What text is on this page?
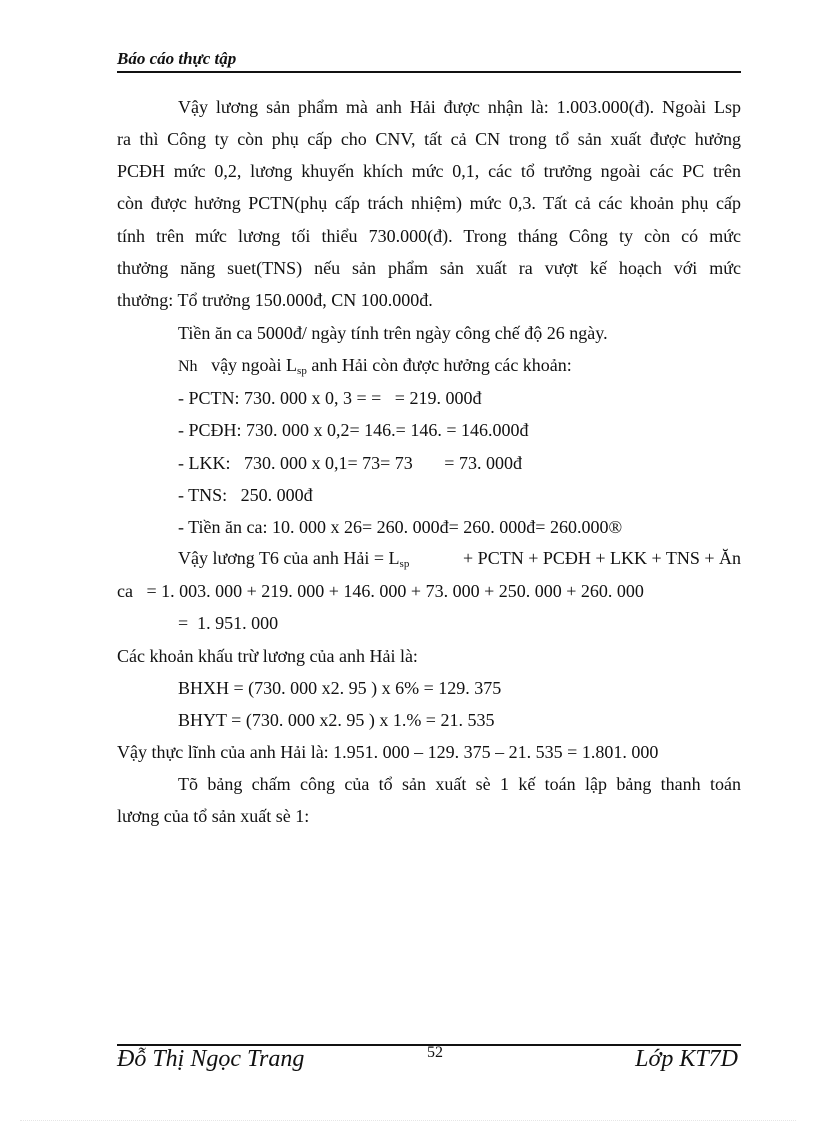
Báo cáo thực tập
Vậy lương sản phẩm mà anh Hải được nhận là: 1.003.000(đ). Ngoài Lsp
ra thì Công ty còn phụ cấp cho CNV, tất cả CN trong tổ sản xuất được hưởng
PCĐH mức 0,2, lương khuyến khích mức 0,1, các tổ trưởng ngoài các PC trên
còn được hưởng PCTN(phụ cấp trách nhiệm) mức 0,3. Tất cả các khoản phụ cấp
tính trên mức lương tối thiểu 730.000(đ). Trong tháng Công ty còn có mức
thưởng năng suet(TNS) nếu sản phẩm sản xuất ra vượt kế hoạch với mức
thưởng: Tổ trưởng 150.000đ, CN 100.000đ.
Tiền ăn ca 5000đ/ ngày tính trên ngày công chế độ 26 ngày.
Nh vậy ngoài $L_{sp}$ anh Hải còn được hưởng các khoản:
- PCTN: 730. 000 x 0, 3 = =   = 219. 000đ
- PCĐH: 730. 000 x 0,2= 146.= 146. = 146.000đ
- LKK:   730. 000 x 0,1= 73= 73       = 73. 000đ
- TNS:   250. 000đ
- Tiền ăn ca: 10. 000 x 26= 260. 000đ= 260. 000đ= 260.000®
Vậy lương T6 của anh Hải = $L_{sp}$	+ PCTN + PCĐH + LKK + TNS + Ăn
ca   = 1. 003. 000 + 219. 000 + 146. 000 + 73. 000 + 250. 000 + 260. 000
=  1. 951. 000
Các khoản khấu trừ lương của anh Hải là:
BHXH = (730. 000 x2. 95 ) x 6% = 129. 375
BHYT = (730. 000 x2. 95 ) x 1.% = 21. 535
Vậy thực lĩnh của anh Hải là: 1.951. 000 – 129. 375 – 21. 535 = 1.801. 000
Tõ bảng chấm công của tổ sản xuất sè 1 kế toán lập bảng thanh toán
lương của tổ sản xuất sè 1:
Đỗ Thị Ngọc Trang	52	Lớp KT7D
